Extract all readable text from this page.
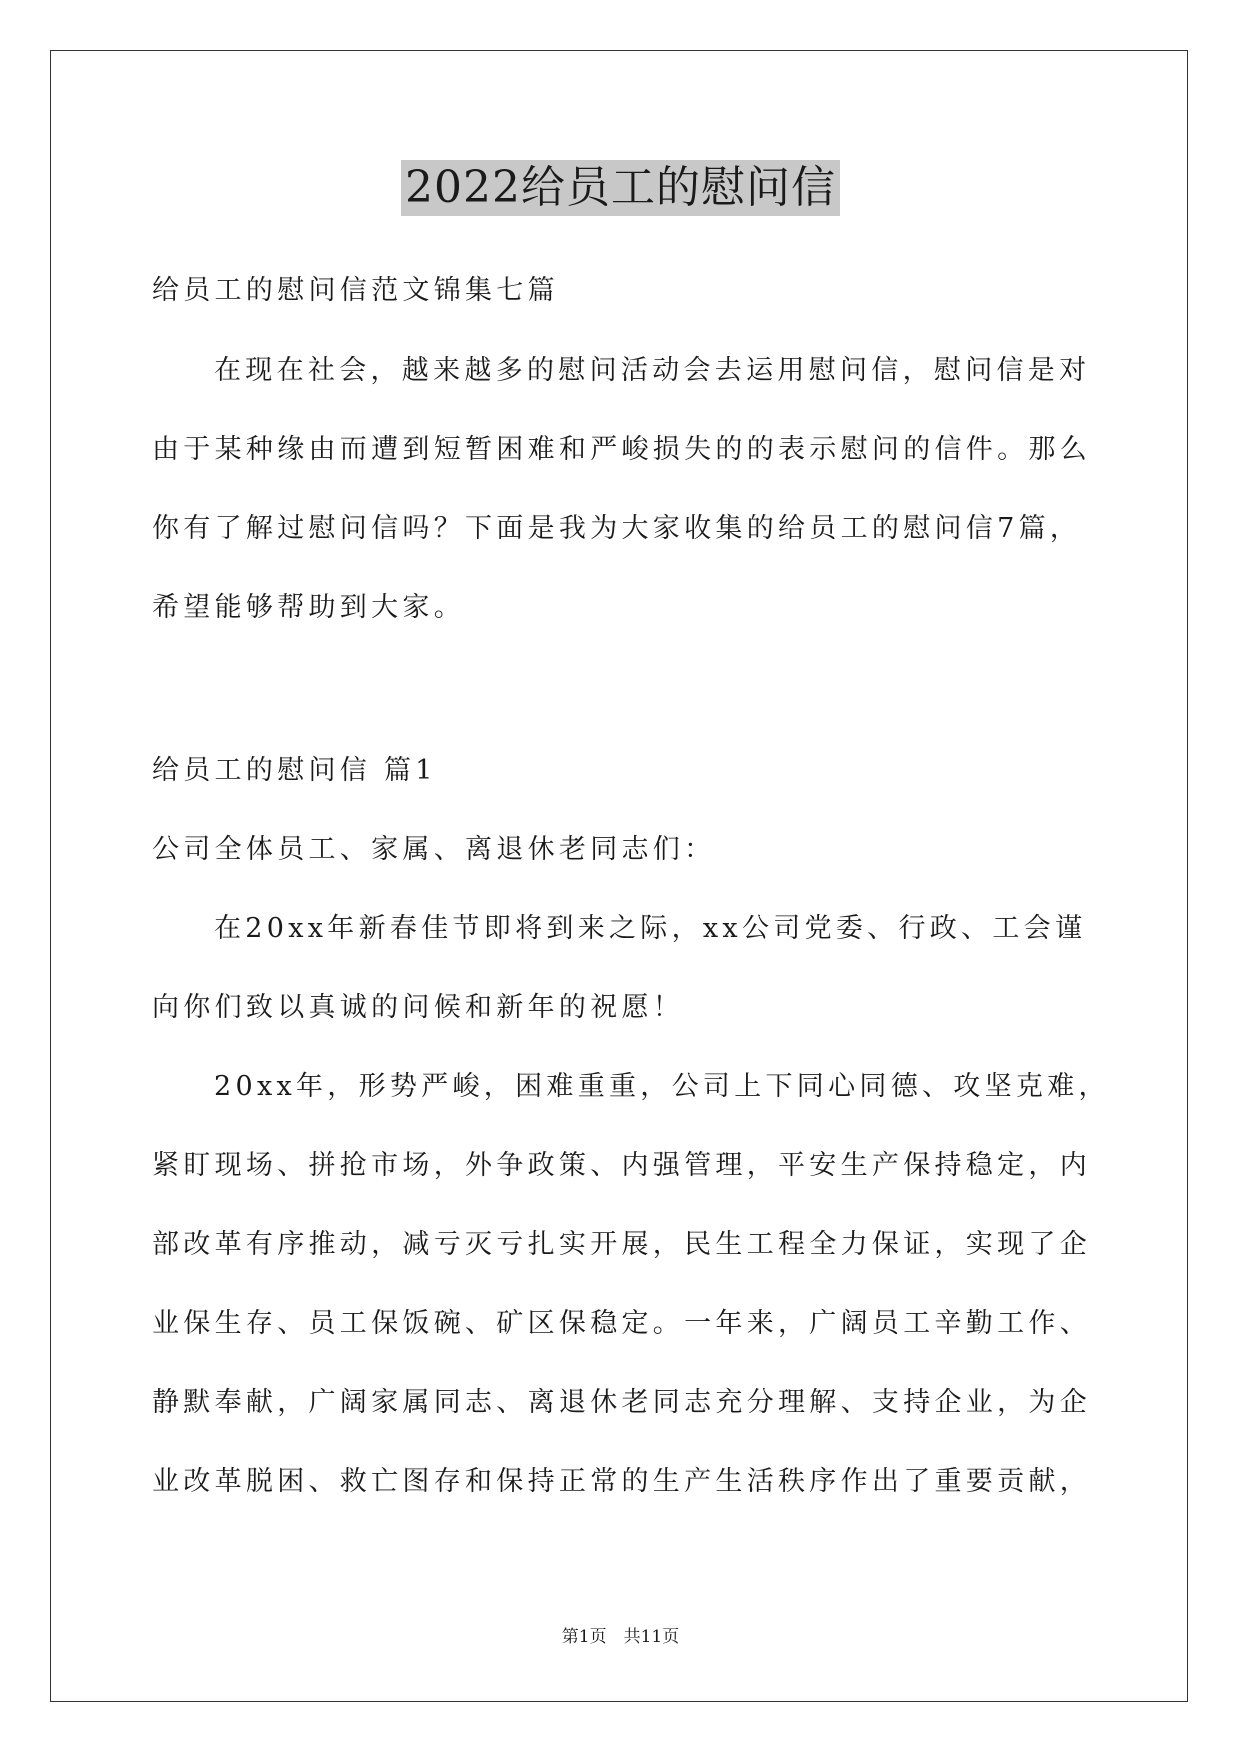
2022给员工的慰问信
给员工的慰问信范文锦集七篇
在现在社会，越来越多的慰问活动会去运用慰问信，慰问信是对
由于某种缘由而遭到短暂困难和严峻损失的的表示慰问的信件。那么
你有了解过慰问信吗？下面是我为大家收集的给员工的慰问信7篇，
希望能够帮助到大家。
给员工的慰问信 篇1
公司全体员工、家属、离退休老同志们：
在20xx年新春佳节即将到来之际，xx公司党委、行政、工会谨
向你们致以真诚的问候和新年的祝愿！
20xx年，形势严峻，困难重重，公司上下同心同德、攻坚克难，
紧盯现场、拼抢市场，外争政策、内强管理，平安生产保持稳定，内
部改革有序推动，减亏灭亏扎实开展，民生工程全力保证，实现了企
业保生存、员工保饭碗、矿区保稳定。一年来，广阔员工辛勤工作、
静默奉献，广阔家属同志、离退休老同志充分理解、支持企业，为企
业改革脱困、救亡图存和保持正常的生产生活秩序作出了重要贡献，
第1页　共11页
